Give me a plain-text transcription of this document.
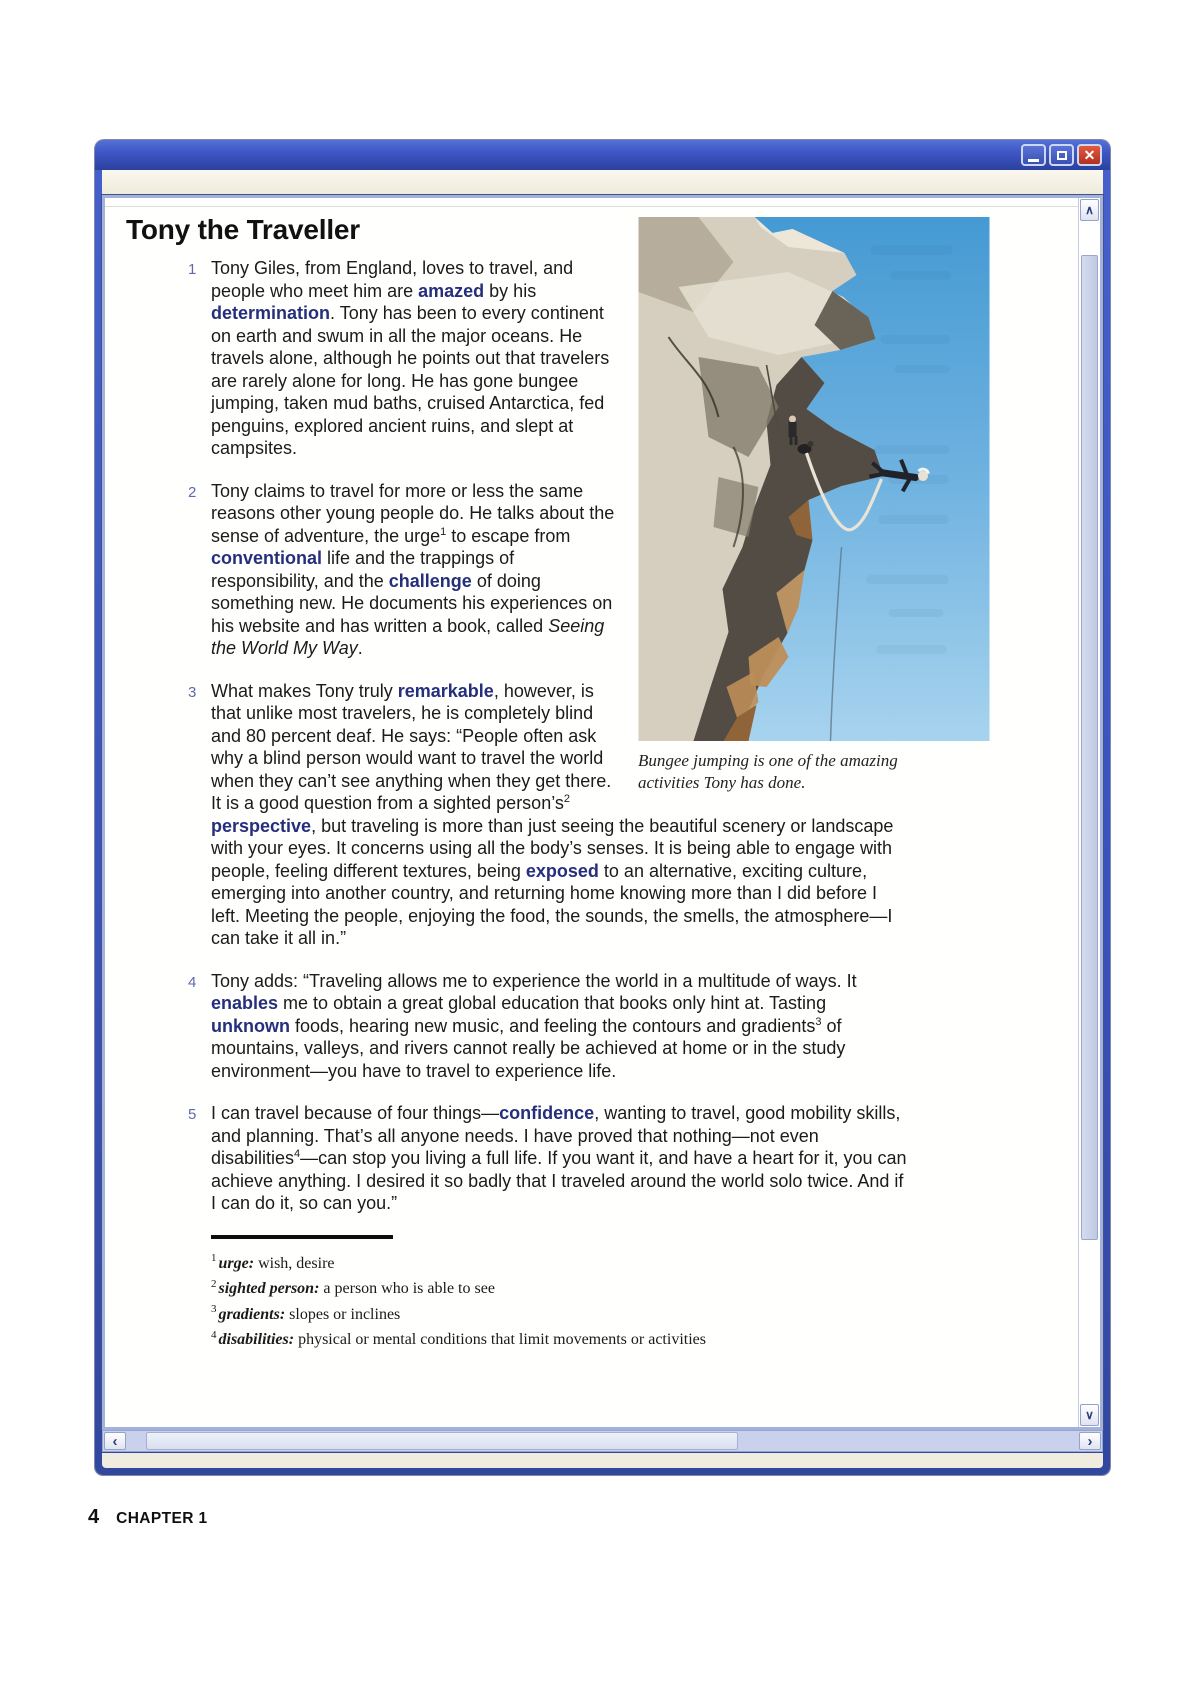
✕
Bungee jumping is one of the amazing activities Tony has done.
Tony the Traveller
1 Tony Giles, from England, loves to travel, and people who meet him are amazed by his determination. Tony has been to every continent on earth and swum in all the major oceans. He travels alone, although he points out that travelers are rarely alone for long. He has gone bungee jumping, taken mud baths, cruised Antarctica, fed penguins, explored ancient ruins, and slept at campsites.
2 Tony claims to travel for more or less the same reasons other young people do. He talks about the sense of adventure, the urge$^1$ to escape from conventional life and the trappings of responsibility, and the challenge of doing something new. He documents his experiences on his website and has written a book, called Seeing the World My Way.
3 What makes Tony truly remarkable, however, is that unlike most travelers, he is completely blind and 80 percent deaf. He says: “People often ask why a blind person would want to travel the world when they can’t see anything when they get there. It is a good question from a sighted $person’s^2$ perspective, but traveling is more than just seeing the beautiful scenery or landscape with your eyes. It concerns using all the body’s senses. It is being able to engage with people, feeling different textures, being exposed to an alternative, exciting culture, emerging into another country, and returning home knowing more than I did before I left. Meeting the people, enjoying the food, the sounds, the smells, the atmosphere—I can take it all in.”
4 Tony adds: “Traveling allows me to experience the world in a multitude of ways. It enables me to obtain a great global education that books only hint at. Tasting unknown foods, hearing new music, and feeling the contours and gradients$^3$ of mountains, valleys, and rivers cannot really be achieved at home or in the study environment—you have to travel to experience life.
5 I can travel because of four things—confidence, wanting to travel, good mobility skills, and planning. That’s all anyone needs. I have proved that nothing—not even disabilities$^4$—can stop you living a full life. If you want it, and have a heart for it, you can achieve anything. I desired it so badly that I traveled around the world solo twice. And if I can do it, so can you.”
$^1$ urge: wish, desire
$^2$ sighted person: a person who is able to see
$^3$ gradients: slopes or inclines
$^4$ disabilities: physical or mental conditions that limit movements or activities
∧
∨
‹	›
4 CHAPTER 1
